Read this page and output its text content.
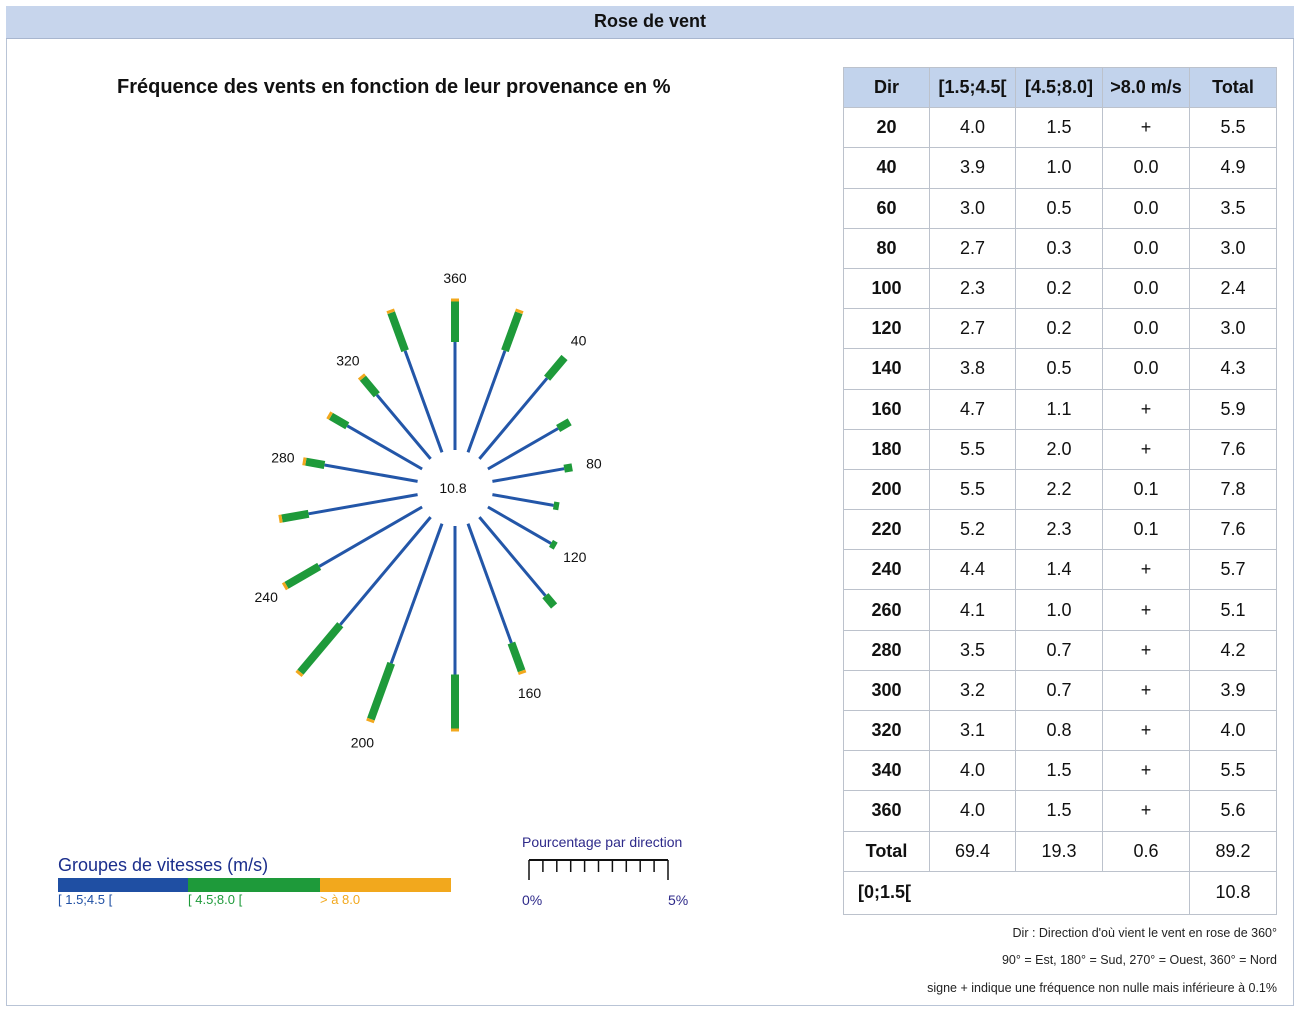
Rose de vent
Fréquence des vents en fonction de leur provenance en %
360
40
80
120
160
200
240
280
320
10.8
Groupes de vitesses (m/s)
[ 1.5;4.5 [	[ 4.5;8.0 [	> à 8.0
Pourcentage par direction
0%	5%
Dir	[1.5;4.5[	[4.5;8.0]	>8.0 m/s	Total
20	4.0	1.5	+	5.5
40	3.9	1.0	0.0	4.9
60	3.0	0.5	0.0	3.5
80	2.7	0.3	0.0	3.0
100	2.3	0.2	0.0	2.4
120	2.7	0.2	0.0	3.0
140	3.8	0.5	0.0	4.3
160	4.7	1.1	+	5.9
180	5.5	2.0	+	7.6
200	5.5	2.2	0.1	7.8
220	5.2	2.3	0.1	7.6
240	4.4	1.4	+	5.7
260	4.1	1.0	+	5.1
280	3.5	0.7	+	4.2
300	3.2	0.7	+	3.9
320	3.1	0.8	+	4.0
340	4.0	1.5	+	5.5
360	4.0	1.5	+	5.6
Total	69.4	19.3	0.6	89.2
[0;1.5[				10.8
Dir : Direction d'où vient le vent en rose de 360°
90° = Est, 180° = Sud, 270° = Ouest, 360° = Nord
signe + indique une fréquence non nulle mais inférieure à 0.1%
